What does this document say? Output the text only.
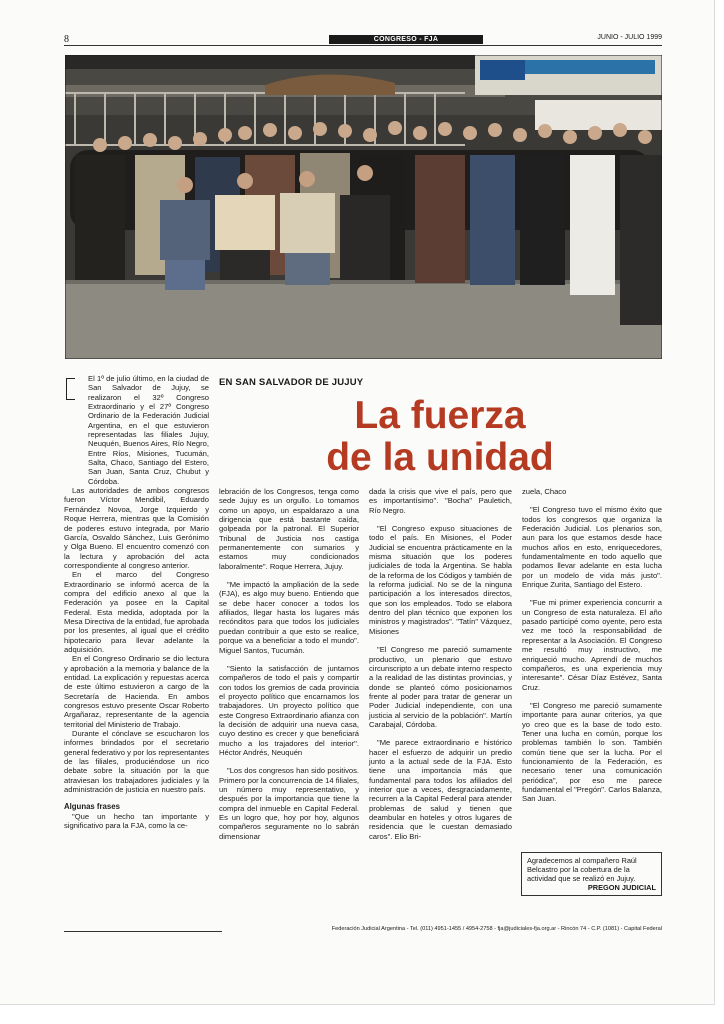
8	CONGRESO - FJA	JUNIO - JULIO 1999
EN SAN SALVADOR DE JUJUY
La fuerza
de la unidad

El 1º de julio último, en la ciudad de San Salvador de Jujuy, se realizaron el 32º Congreso Extraordinario y el 27º Congreso Ordinario de la Federación Judicial Argentina, en el que estuvieron representadas las filiales Jujuy, Neuquén, Buenos Aires, Río Negro, Entre Ríos, Misiones, Tucumán, Salta, Chaco, Santiago del Estero, San Juan, Santa Cruz, Chubut y Córdoba.

Las autoridades de ambos congresos fueron Víctor Mendibil, Eduardo Fernández Novoa, Jorge Izquierdo y Roque Herrera, mientras que la Comisión de poderes estuvo integrada, por Mario García, Osvaldo Sánchez, Luis Gerónimo y Olga Bueno. El encuentro comenzó con la lectura y aprobación del acta correspondiente al congreso anterior.

En el marco del Congreso Extraordinario se informó acerca de la compra del edificio anexo al que la Federación ya posee en la Capital Federal. Esta medida, adoptada por la Mesa Directiva de la entidad, fue aprobada por los presentes, al igual que el crédito hipotecario para llevar adelante la adquisición.

En el Congreso Ordinario se dio lectura y aprobación a la memoria y balance de la entidad. La explicación y repuestas acerca de este último estuvieron a cargo de la Secretaría de Hacienda. En ambos congresos estuvo presente Oscar Roberto Argañaraz, representante de la agencia territorial del Ministerio de Trabajo.

Durante el cónclave se escucharon los informes brindados por el secretario general federativo y por los representantes de las filiales, produciéndose un rico debate sobre la situación por la que atraviesan los trabajadores judiciales y la administración de justicia en nuestro país.

Algunas frases

"Que un hecho tan importante y significativo para la FJA, como la ce-

lebración de los Congresos, tenga como sede Jujuy es un orgullo. Lo tomamos como un apoyo, un espaldarazo a una dirigencia que está bastante caída, golpeada por la patronal. El Superior Tribunal de Justicia nos castiga permanentemente con sumarios y estamos muy condicionados laboralmente". Roque Herrera, Jujuy.

"Me impactó la ampliación de la sede (FJA), es algo muy bueno. Entiendo que se debe hacer conocer a todos los afiliados, llegar hasta los lugares más recónditos para que todos los judiciales puedan contribuir a que esto se realice, porque va a beneficiar a todo el mundo". Miguel Santos, Tucumán.

"Siento la satisfacción de juntarnos compañeros de todo el país y compartir con todos los gremios de cada provincia el proyecto político que encarnamos los trabajadores. Un proyecto político que este Congreso Extraordinario afianza con la decisión de adquirir una nueva casa, cuyo destino es crecer y que beneficiará mucho a los trajadores del interior". Héctor Andrés, Neuquén

"Los dos congresos han sido positivos. Primero por la concurrencia de 14 filiales, un número muy representativo, y después por la importancia que tiene la compra del inmueble en Capital Federal. Es un logro que, hoy por hoy, algunos compañeros seguramente no lo sabrán dimensionar

dada la crisis que vive el país, pero que es importantísimo". "Bocha" Pauletich, Río Negro.

"El Congreso expuso situaciones de todo el país. En Misiones, el Poder Judicial se encuentra prácticamente en la misma situación que los poderes judiciales de toda la Argentina. Se habla de la reforma de los Códigos y también de la reforma judicial. No se de la ninguna participación a los interesados directos, que son los empleados. Todo se elabora dentro del plan técnico que exponen los ministros y magistrados". "Tatín" Vázquez, Misiones

"El Congreso me pareció sumamente productivo, un plenario que estuvo circunscripto a un debate interno respecto a la realidad de las distintas provincias, y donde se planteó cómo posicionarnos frente al poder para tratar de generar un Poder Judicial independiente, con una justicia al servicio de la población". Martín Carabajal, Córdoba.

"Me parece extraordinario e histórico hacer el esfuerzo de adquirir un predio junto a la actual sede de la FJA. Esto tiene una importancia más que fundamental para todos los afiliados del interior que a veces, desgraciadamente, recurren a la Capital Federal para atender problemas de salud y tienen que deambular en hoteles y otros lugares de residencia que le cuestan demasiado caros". Elio Bri-

zuela, Chaco

"El Congreso tuvo el mismo éxito que todos los congresos que organiza la Federación Judicial. Los plenarios son, aun para los que estamos desde hace muchos años en esto, enriquecedores, fundamentalmente en todo aquello que podamos llevar adelante en esta lucha por un modelo de vida más justo". Enrique Zurita, Santiago del Estero.

"Fue mi primer experiencia concurrir a un Congreso de esta naturaleza. El año pasado participé como oyente, pero esta vez me tocó la responsabilidad de representar a la Asociación. El Congreso me resultó muy instructivo, me enriqueció mucho. Aprendí de muchos compañeros, es una experiencia muy interesante". César Díaz Estévez, Santa Cruz.

"El Congreso me pareció sumamente importante para aunar criterios, ya que yo creo que es la base de todo esto. Tener una lucha en común, porque los problemas también lo son. También común tiene que ser la lucha. Por el funcionamiento de la Federación, es necesario tener una comunicación periódica", por eso me parece fundamental el "Pregón". Carlos Balanza, San Juan.

Agradecemos al compañero Raúl Belcastro por la cobertura de la actividad que se realizó en Jujuy.
PREGON JUDICIAL
Federación Judicial Argentina - Tel. (011) 4951-1455 / 4954-2758 - fja@judiciales-fja.org.ar - Rincón 74 - C.P. (1081) - Capital Federal
